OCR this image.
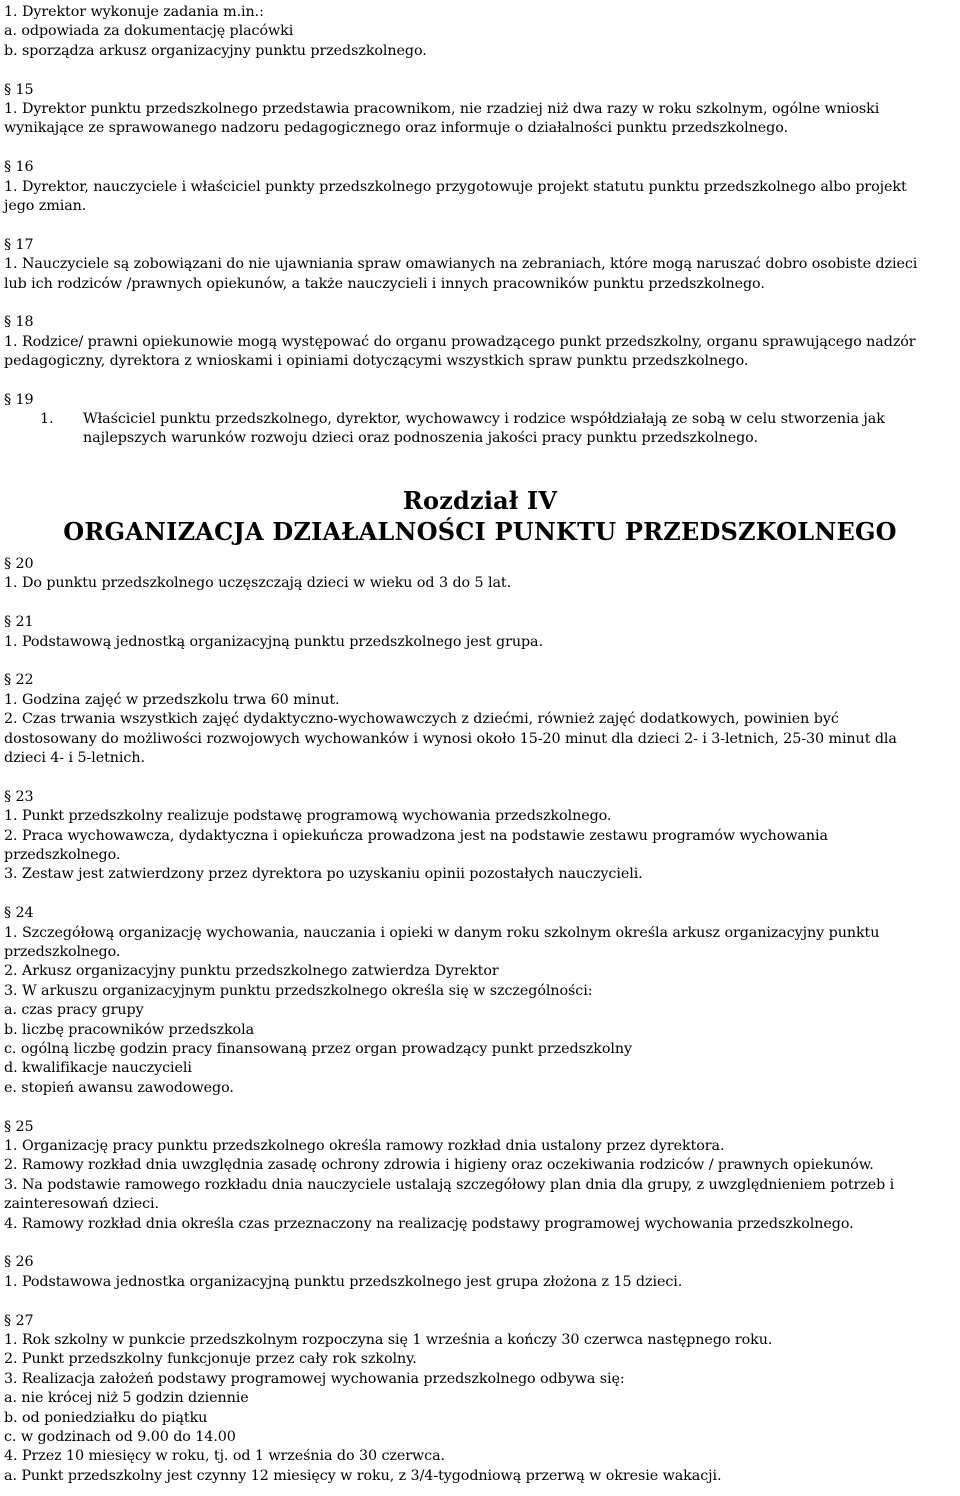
1. Dyrektor wykonuje zadania m.in.:
a. odpowiada za dokumentację placówki
b. sporządza arkusz organizacyjny punktu przedszkolnego.
§ 15
1. Dyrektor punktu przedszkolnego przedstawia pracownikom, nie rzadziej niż dwa razy w roku szkolnym, ogólne wnioski
wynikające ze sprawowanego nadzoru pedagogicznego oraz informuje o działalności punktu przedszkolnego.
§ 16
1. Dyrektor, nauczyciele i właściciel punkty przedszkolnego przygotowuje projekt statutu punktu przedszkolnego albo projekt
jego zmian.
§ 17
1. Nauczyciele są zobowiązani do nie ujawniania spraw omawianych na zebraniach, które mogą naruszać dobro osobiste dzieci
lub ich rodziców /prawnych opiekunów, a także nauczycieli i innych pracowników punktu przedszkolnego.
§ 18
1. Rodzice/ prawni opiekunowie mogą występować do organu prowadzącego punkt przedszkolny, organu sprawującego nadzór
pedagogiczny, dyrektora z wnioskami i opiniami dotyczącymi wszystkich spraw punktu przedszkolnego.
§ 19
1.	Właściciel punktu przedszkolnego, dyrektor, wychowawcy i rodzice współdziałają ze sobą w celu stworzenia jak
najlepszych warunków rozwoju dzieci oraz podnoszenia jakości pracy punktu przedszkolnego.
Rozdział IV
ORGANIZACJA DZIAŁALNOŚCI PUNKTU PRZEDSZKOLNEGO
§ 20
1. Do punktu przedszkolnego uczęszczają dzieci w wieku od 3 do 5 lat.
§ 21
1. Podstawową jednostką organizacyjną punktu przedszkolnego jest grupa.
§ 22
1. Godzina zajęć w przedszkolu trwa 60 minut.
2. Czas trwania wszystkich zajęć dydaktyczno-wychowawczych z dziećmi, również zajęć dodatkowych, powinien być
dostosowany do możliwości rozwojowych wychowanków i wynosi około 15-20 minut dla dzieci 2- i 3-letnich, 25-30 minut dla
dzieci 4- i 5-letnich.
§ 23
1. Punkt przedszkolny realizuje podstawę programową wychowania przedszkolnego.
2. Praca wychowawcza, dydaktyczna i opiekuńcza prowadzona jest na podstawie zestawu programów wychowania
przedszkolnego.
3. Zestaw jest zatwierdzony przez dyrektora po uzyskaniu opinii pozostałych nauczycieli.
§ 24
1. Szczegółową organizację wychowania, nauczania i opieki w danym roku szkolnym określa arkusz organizacyjny punktu
przedszkolnego.
2. Arkusz organizacyjny punktu przedszkolnego zatwierdza Dyrektor
3. W arkuszu organizacyjnym punktu przedszkolnego określa się w szczególności:
a. czas pracy grupy
b. liczbę pracowników przedszkola
c. ogólną liczbę godzin pracy finansowaną przez organ prowadzący punkt przedszkolny
d. kwalifikacje nauczycieli
e. stopień awansu zawodowego.
§ 25
1. Organizację pracy punktu przedszkolnego określa ramowy rozkład dnia ustalony przez dyrektora.
2. Ramowy rozkład dnia uwzględnia zasadę ochrony zdrowia i higieny oraz oczekiwania rodziców / prawnych opiekunów.
3. Na podstawie ramowego rozkładu dnia nauczyciele ustalają szczegółowy plan dnia dla grupy, z uwzględnieniem potrzeb i
zainteresowań dzieci.
4. Ramowy rozkład dnia określa czas przeznaczony na realizację podstawy programowej wychowania przedszkolnego.
§ 26
1. Podstawowa jednostka organizacyjną punktu przedszkolnego jest grupa złożona z 15 dzieci.
§ 27
1. Rok szkolny w punkcie przedszkolnym rozpoczyna się 1 września a kończy 30 czerwca następnego roku.
2. Punkt przedszkolny funkcjonuje przez cały rok szkolny.
3. Realizacja założeń podstawy programowej wychowania przedszkolnego odbywa się:
a. nie krócej niż 5 godzin dziennie
b. od poniedziałku do piątku
c. w godzinach od 9.00 do 14.00
4. Przez 10 miesięcy w roku, tj. od 1 września do 30 czerwca.
a. Punkt przedszkolny jest czynny 12 miesięcy w roku, z 3/4-tygodniową przerwą w okresie wakacji.
